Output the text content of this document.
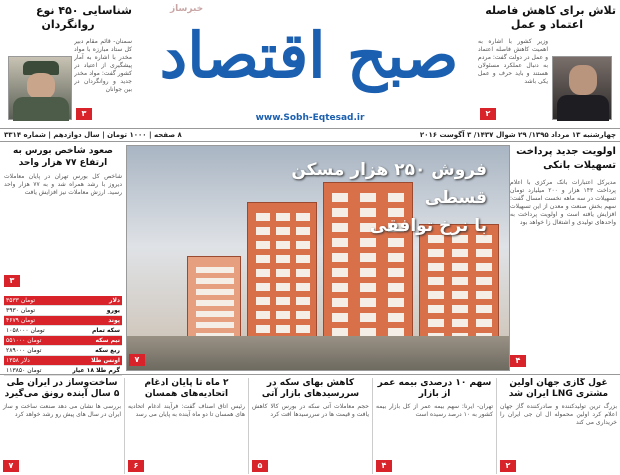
شناسایی ۴۵۰ نوع
روانگردان
سمنان- قائم مقام دبیر کل ستاد مبارزه با مواد مخدر با اشاره به آمار پیشگیری از اعتیاد در کشور گفت: مواد مخدر جدید و روانگردان در بین جوانان
۳
خبرساز
صبح اقتصاد
www.Sobh-Eqtesad.ir
تلاش برای کاهش فاصله
اعتماد و عمل
وزیر کشور با اشاره به اهمیت کاهش فاصله اعتماد و عمل در دولت گفت: مردم به دنبال عملکرد مسئولان هستند و باید حرف و عمل یکی باشد
۲
چهارشنبه ۱۳ مرداد ۱۳۹۵/ ۲۹ شوال ۱۴۳۷/ ۳ آگوست ۲۰۱۶
۸ صفحه | ۱۰۰۰ تومان | سال دوازدهم | شماره ۳۳۱۴
اولویت جدید پرداخت تسهیلات بانکی
مدیرکل اعتبارات بانک مرکزی با اعلام پرداخت ۱۴۳ هزار و ۲۰۰ میلیارد تومان تسهیلات در سه ماهه نخست امسال گفت: سهم بخش صنعت و معدن از این تسهیلات افزایش یافته است و اولویت پرداخت به واحدهای تولیدی و اشتغال زا خواهد بود
۴
فروش ۲۵۰ هزار مسکن قسطی
با نرخ توافقی
۷
صعود شاخص بورس به ارتفاع ۷۷ هزار واحد
شاخص کل بورس تهران در پایان معاملات دیروز با رشد همراه شد و به ۷۷ هزار واحد رسید. ارزش معاملات نیز افزایش یافت
۳
دلار
۳۵۳۳ تومان
یورو
۳۹۳۰ تومان
پوند
۴۶۷۹ تومان
سکه تمام
۱۰۵۸۰۰۰ تومان
نیم سکه
۵۵۱۰۰۰ تومان
ربع سکه
۲۸۹۰۰۰ تومان
اونس طلا
۱۳۵۸ دلار
گرم طلا ۱۸ عیار
۱۱۳۸۵۰ تومان
غول گازی جهان اولین مشتری LNG ایران شد
بزرگ ترین تولیدکننده و صادرکننده گاز جهان اعلام کرد اولین محموله ال ان جی ایران را خریداری می کند
۲
سهم ۱۰ درصدی بیمه عمر از بازار
تهران- ایرنا: سهم بیمه عمر از کل بازار بیمه کشور به ۱۰ درصد رسیده است
۴
کاهش بهای سکه در سررسیدهای بازار آتی
حجم معاملات آتی سکه در بورس کالا کاهش یافت و قیمت ها در سررسیدها افت کرد
۵
۲ ماه تا پایان ادغام اتحادیه‌های همسان
رئیس اتاق اصناف گفت: فرآیند ادغام اتحادیه های همسان تا دو ماه آینده به پایان می رسد
۶
ساخت‌وساز در ایران طی ۵ سال آینده رونق می‌گیرد
بررسی ها نشان می دهد صنعت ساخت و ساز ایران در سال های پیش رو رشد خواهد کرد
۷
